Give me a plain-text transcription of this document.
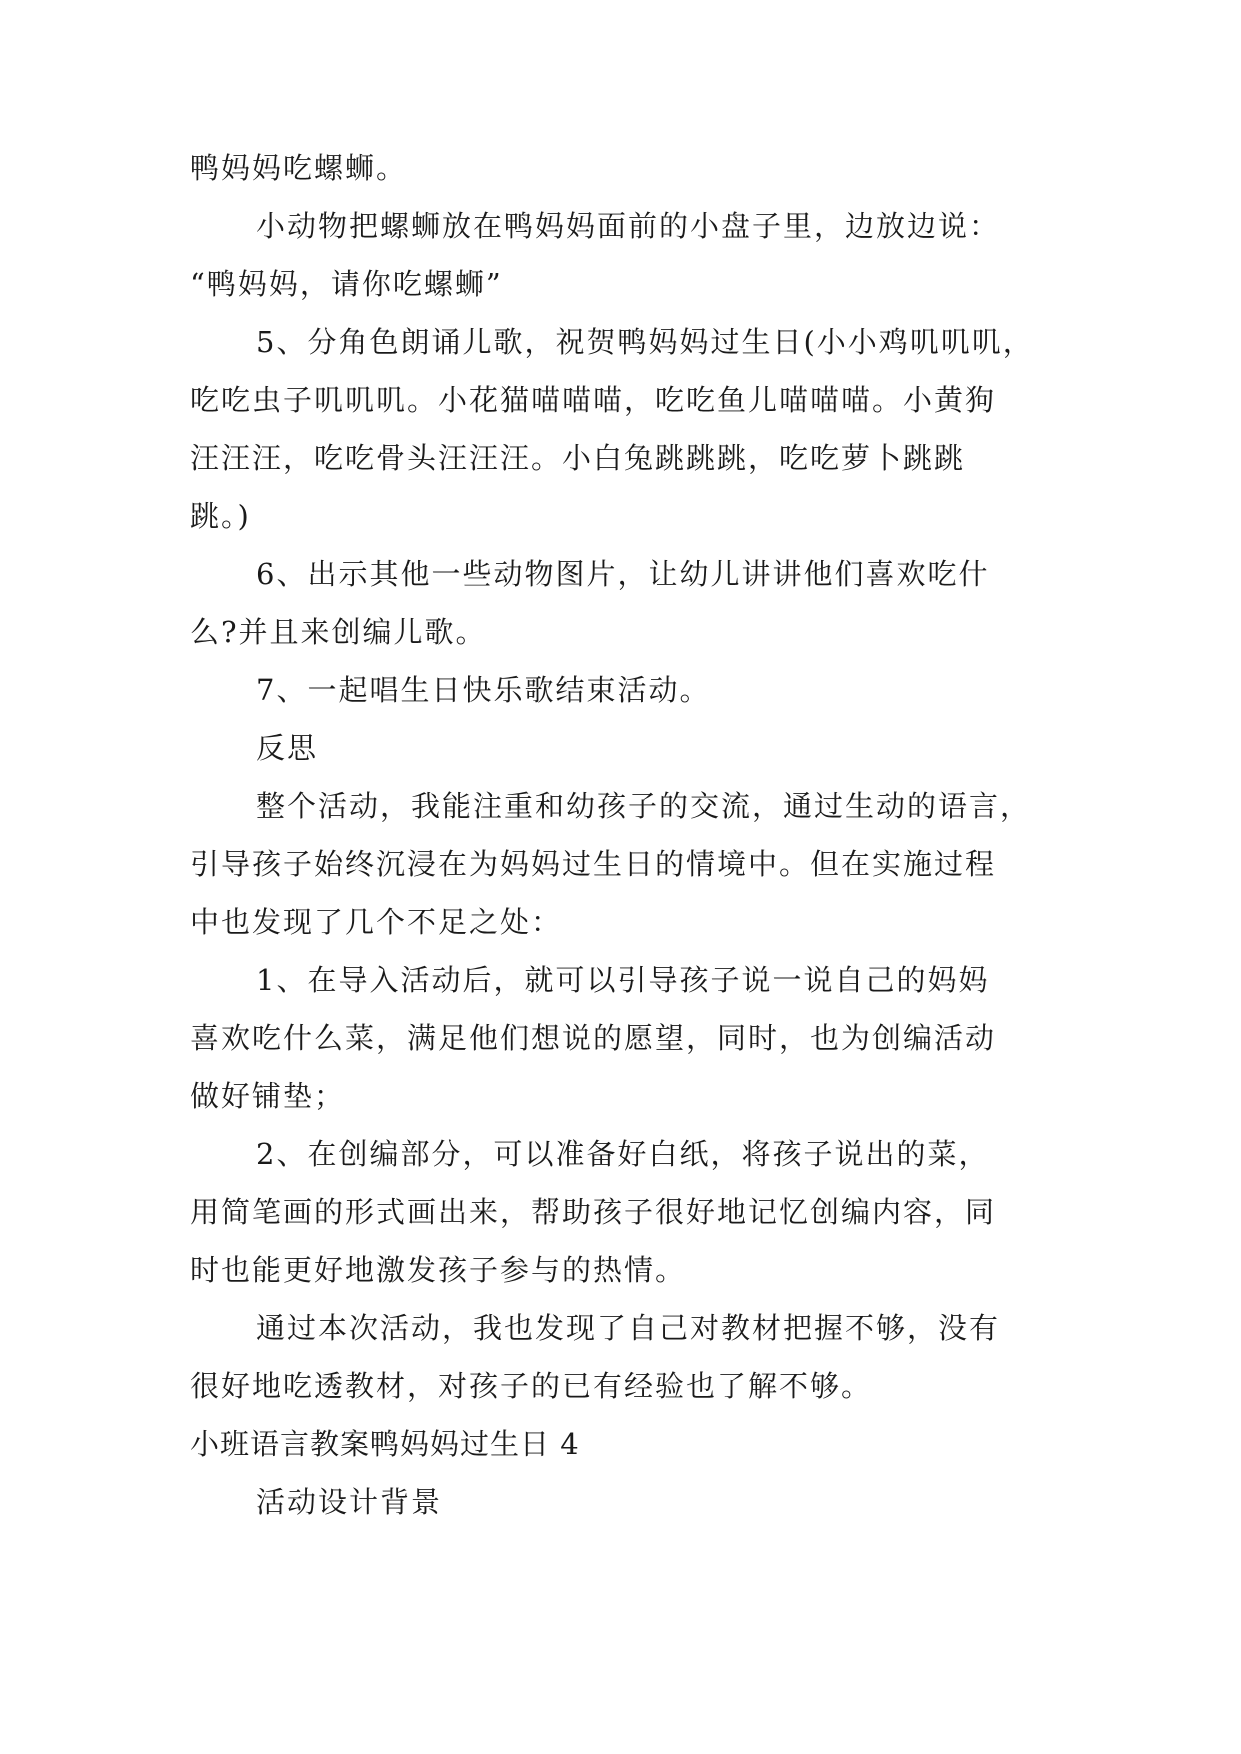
鸭妈妈吃螺蛳。
小动物把螺蛳放在鸭妈妈面前的小盘子里，边放边说：
“鸭妈妈，请你吃螺蛳”
5、分角色朗诵儿歌，祝贺鸭妈妈过生日(小小鸡叽叽叽，
吃吃虫子叽叽叽。小花猫喵喵喵，吃吃鱼儿喵喵喵。小黄狗
汪汪汪，吃吃骨头汪汪汪。小白兔跳跳跳，吃吃萝卜跳跳
跳。)
6、出示其他一些动物图片，让幼儿讲讲他们喜欢吃什
么?并且来创编儿歌。
7、一起唱生日快乐歌结束活动。
反思
整个活动，我能注重和幼孩子的交流，通过生动的语言，
引导孩子始终沉浸在为妈妈过生日的情境中。但在实施过程
中也发现了几个不足之处：
1、在导入活动后，就可以引导孩子说一说自己的妈妈
喜欢吃什么菜，满足他们想说的愿望，同时，也为创编活动
做好铺垫；
2、在创编部分，可以准备好白纸，将孩子说出的菜，
用简笔画的形式画出来，帮助孩子很好地记忆创编内容，同
时也能更好地激发孩子参与的热情。
通过本次活动，我也发现了自己对教材把握不够，没有
很好地吃透教材，对孩子的已有经验也了解不够。
小班语言教案鸭妈妈过生日 4
活动设计背景
